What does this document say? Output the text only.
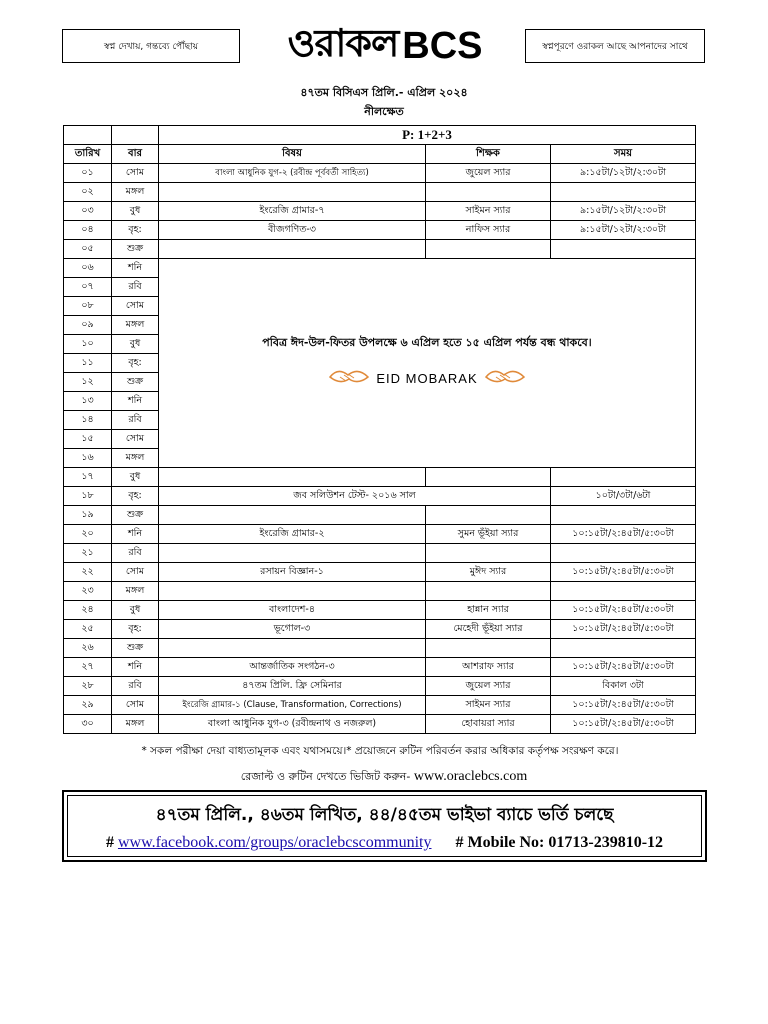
স্বপ্ন দেখায়, গন্তব্যে পৌঁছায় ওরাকল BCS	স্বপ্নপূরণে ওরাকল আছে আপনাদের সাথে
৪৭তম বিসিএস প্রিলি.- এপ্রিল ২০২৪
নীলক্ষেত
		P: 1+2+3		
তারিখ	বার	বিষয়	শিক্ষক	সময়
০১	সোম	বাংলা আধুনিক যুগ-২ (রবীন্দ্র পূর্ববর্তী সাহিত্য)	জুয়েল স্যার	৯:১৫টা/১২টা/২:৩০টা
০২	মঙ্গল			
০৩	বুধ	ইংরেজি গ্রামার-৭	সাইমন স্যার	৯:১৫টা/১২টা/২:৩০টা
০৪	বৃহ:	বীজগণিত-৩	নাফিস স্যার	৯:১৫টা/১২টা/২:৩০টা
০৫	শুক্র			
০৬	শনি	পবিত্র ঈদ-উল-ফিতর উপলক্ষে ৬ এপ্রিল হতে ১৫ এপ্রিল পর্যন্ত বন্ধ থাকবে।
EID MOBARAK		

০৭	রবি			
০৮	সোম			
০৯	মঙ্গল			
১০	বুধ			
১১	বৃহ:			
১২	শুক্র			
১৩	শনি			
১৪	রবি			
১৫	সোম			
১৬	মঙ্গল			
১৭	বুধ			
১৮	বৃহ:	জব সলিউশন টেস্ট- ২০১৬ সাল		১০টা/৩টা/৬টা
১৯	শুক্র			
২০	শনি	ইংরেজি গ্রামার-২	সুমন ভূঁইয়া স্যার	১০:১৫টা/২:৪৫টা/৫:৩০টা
২১	রবি			
২২	সোম	রসায়ন বিজ্ঞান-১	মুঈদ স্যার	১০:১৫টা/২:৪৫টা/৫:৩০টা
২৩	মঙ্গল			
২৪	বুধ	বাংলাদেশ-৪	হান্নান স্যার	১০:১৫টা/২:৪৫টা/৫:৩০টা
২৫	বৃহ:	ভূগোল-৩	মেহেদী ভূঁইয়া স্যার	১০:১৫টা/২:৪৫টা/৫:৩০টা
২৬	শুক্র			
২৭	শনি	আন্তর্জাতিক সংগঠন-৩	আশরাফ স্যার	১০:১৫টা/২:৪৫টা/৫:৩০টা
২৮	রবি	৪৭তম প্রিলি. ফ্রি সেমিনার	জুয়েল স্যার	বিকাল ৩টা
২৯	সোম	ইংরেজি গ্রামার-১ (Clause, Transformation, Corrections)	সাইমন স্যার	১০:১৫টা/২:৪৫টা/৫:৩০টা
৩০	মঙ্গল	বাংলা আধুনিক যুগ-৩ (রবীন্দ্রনাথ ও নজরুল)	হোবায়রা স্যার	১০:১৫টা/২:৪৫টা/৫:৩০টা
* সকল পরীক্ষা দেয়া বাধ্যতামূলক এবং যথাসময়ে।* প্রয়োজনে রুটিন পরিবর্তন করার অধিকার কর্তৃপক্ষ সংরক্ষণ করে।
রেজাল্ট ও রুটিন দেখতে ভিজিট করুন- www.oraclebcs.com
৪৭তম প্রিলি., ৪৬তম লিখিত, ৪৪/৪৫তম ভাইভা ব্যাচে ভর্তি চলছে
# www.facebook.com/groups/oraclebcscommunity # Mobile No: 01713-239810-12
